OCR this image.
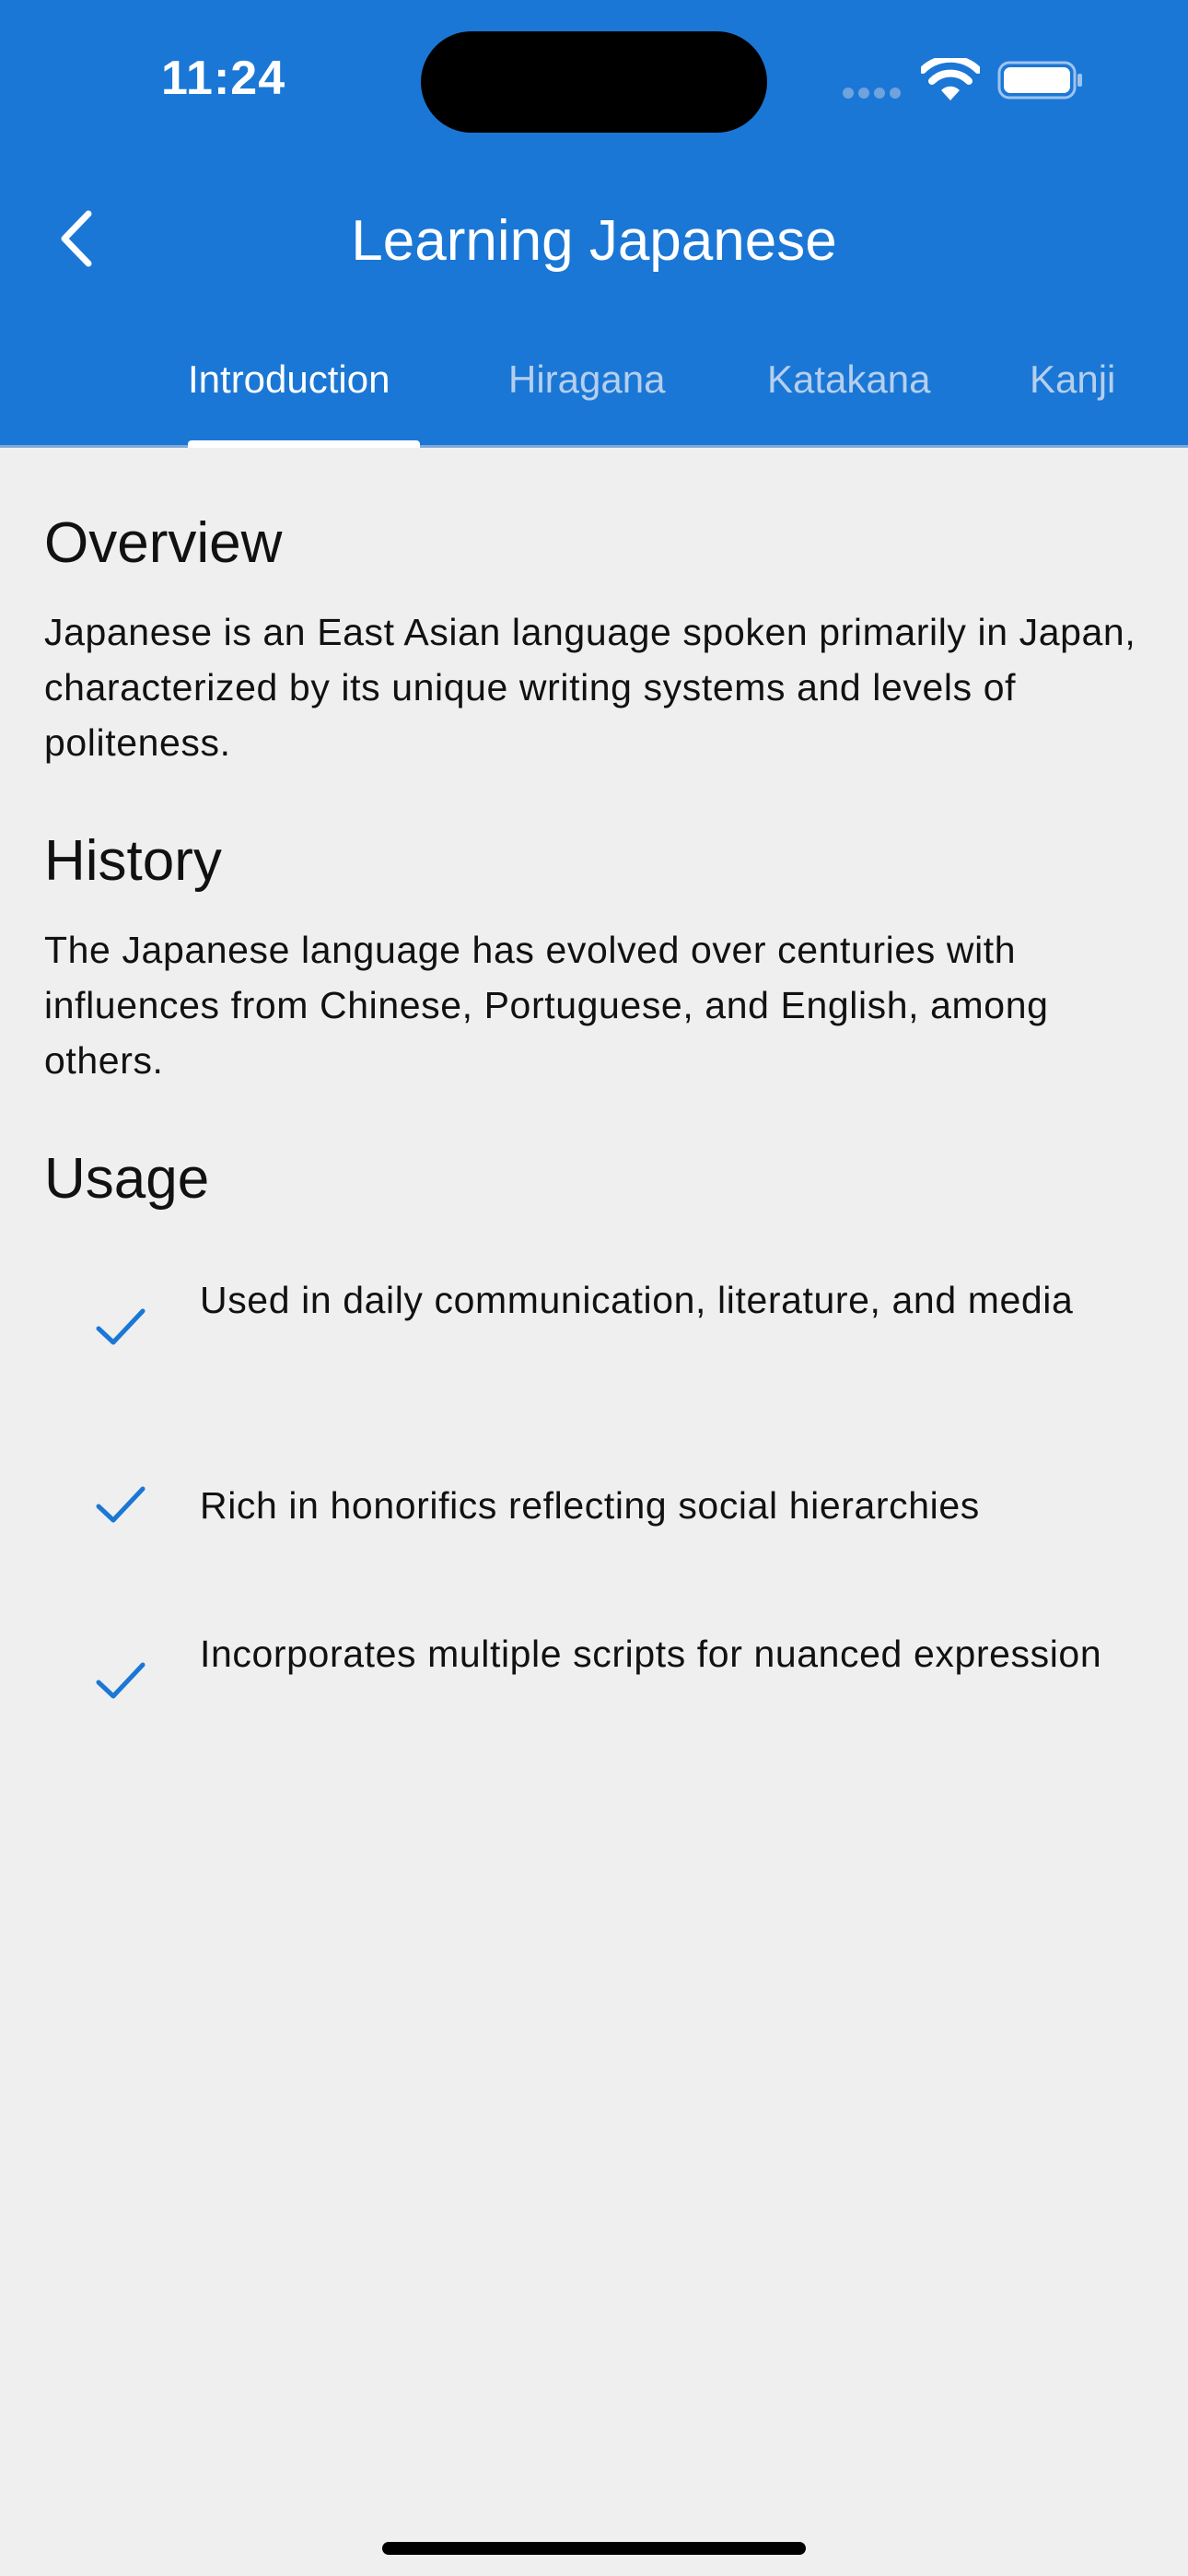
11:24
Learning Japanese
Introduction	Hiragana	Katakana	Kanji
Overview

Japanese is an East Asian language spoken primarily in Japan, characterized by its unique writing systems and levels of politeness.

History

The Japanese language has evolved over centuries with influences from Chinese, Portuguese, and English, among others.

Usage
Used in daily communication, literature, and media
Rich in honorifics reflecting social hierarchies
Incorporates multiple scripts for nuanced expression
